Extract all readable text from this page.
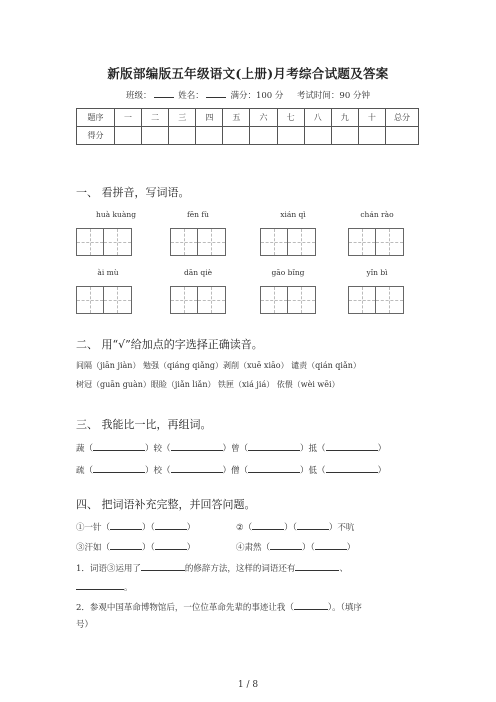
新版部编版五年级语文(上册)月考综合试题及答案
班级：	姓名：	满分：100 分 考试时间：90 分钟
题序	一	二	三	四	五	六	七	八	九	十	总分
得分											
一、 看拼音，写词语。
huà kuàng	fēn fù	xián qì	chán rào
ài mù	dān qiè	gāo bǐng	yǐn bì
二、 用“√”给加点的字选择正确读音。
间隔（jiān jiàn） 勉强（qiáng qiǎng）剥削（xuē xiāo） 谴责（qián qiǎn）
树冠（guān guàn）眼睑（jiǎn liǎn） 铁匣（xiá jiá） 依偎（wèi wēi）
三、 我能比一比，再组词。
蔬（	）较（	）曾（	）抵（	）
疏（	）校（	）僧（	）低（	）
四、 把词语补充完整，并回答问题。
①一针（	）（	）	②（	）（	）不吭
③汗如（	）（	）	④肃然（	）（	）
1．词语③运用了	的修辞方法，这样的词语还有	、
。
2．参观中国革命博物馆后，一位位革命先辈的事迹让我（	）。（填序
号）
1 / 8
